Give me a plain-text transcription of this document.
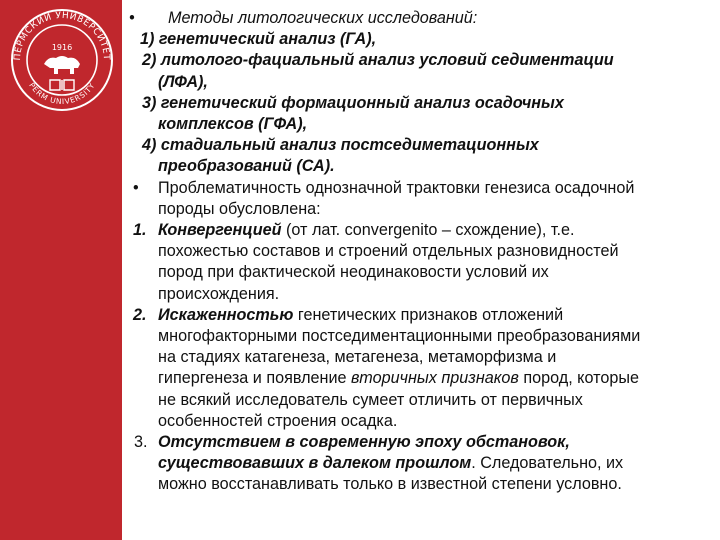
ПЕРМСКИЙ УНИВЕРСИТЕТ
PERM UNIVERSITY
1916
• Методы литологических исследований:
1) генетический анализ (ГА),
2) литолого-фациальный анализ условий седиментации
(ЛФА),
3) генетический формационный анализ осадочных
комплексов (ГФА),
4) стадиальный анализ постседиметационных
преобразований (СА).
• Проблематичность однозначной трактовки генезиса осадочной
породы обусловлена:
1. Конвергенцией (от лат. convergenito – схождение), т.е.
похожестью составов и строений отдельных разновидностей
пород при фактической неодинаковости условий их
происхождения.
2. Искаженностью генетических признаков отложений
многофакторными постседиментационными преобразованиями
на стадиях катагенеза, метагенеза, метаморфизма и
гипергенеза и появление вторичных признаков пород, которые
не всякий исследователь сумеет отличить от первичных
особенностей строения осадка.
3. Отсутствием в современную эпоху обстановок,
существовавших в далеком прошлом. Следовательно, их
можно восстанавливать только в известной степени условно.
